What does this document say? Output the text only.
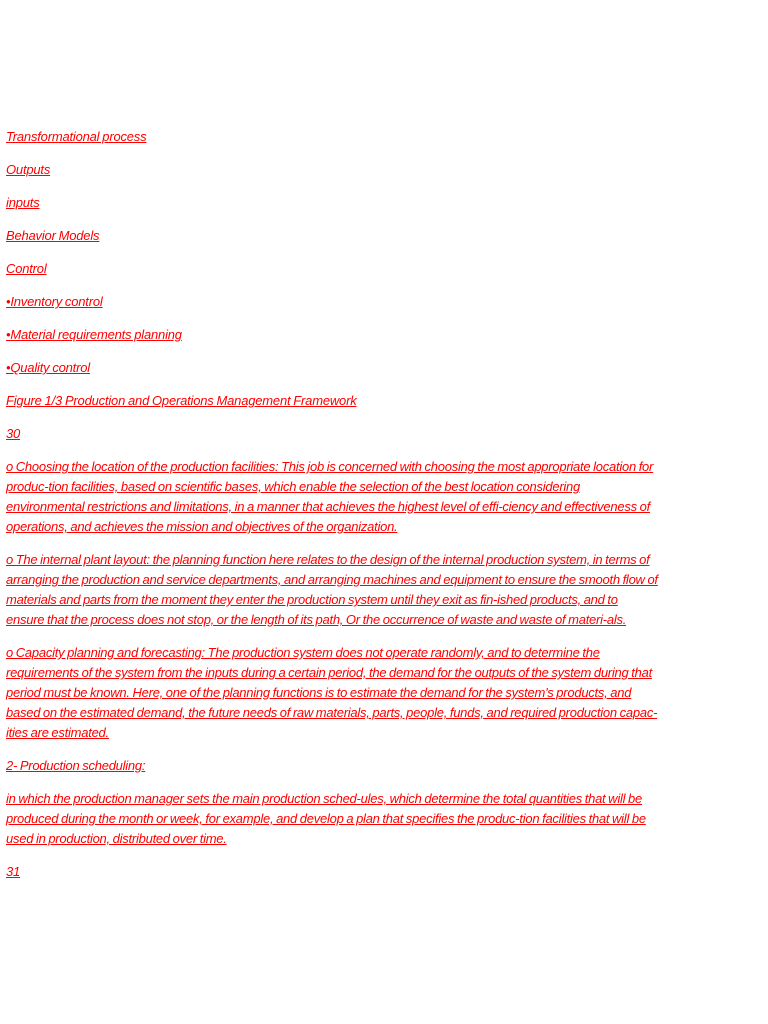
Transformational process

Outputs

inputs

Behavior Models

Control

•Inventory control

•Material requirements planning

•Quality control

Figure 1/3 Production and Operations Management Framework

30

o Choosing the location of the production facilities: This job is concerned with choosing the most appropriate location for produc-tion facilities, based on scientific bases, which enable the selection of the best location considering environmental restrictions and limitations, in a manner that achieves the highest level of effi-ciency and effectiveness of operations, and achieves the mission and objectives of the organization.

o The internal plant layout: the planning function here relates to the design of the internal production system, in terms of arranging the production and service departments, and arranging machines and equipment to ensure the smooth flow of materials and parts from the moment they enter the production system until they exit as fin-ished products, and to ensure that the process does not stop, or the length of its path, Or the occurrence of waste and waste of materi-als.

o Capacity planning and forecasting: The production system does not operate randomly, and to determine the requirements of the system from the inputs during a certain period, the demand for the outputs of the system during that period must be known. Here, one of the planning functions is to estimate the demand for the system's products, and based on the estimated demand, the future needs of raw materials, parts, people, funds, and required production capac-ities are estimated.

2- Production scheduling:

in which the production manager sets the main production sched-ules, which determine the total quantities that will be produced during the month or week, for example, and develop a plan that specifies the produc-tion facilities that will be used in production, distributed over time.

31
